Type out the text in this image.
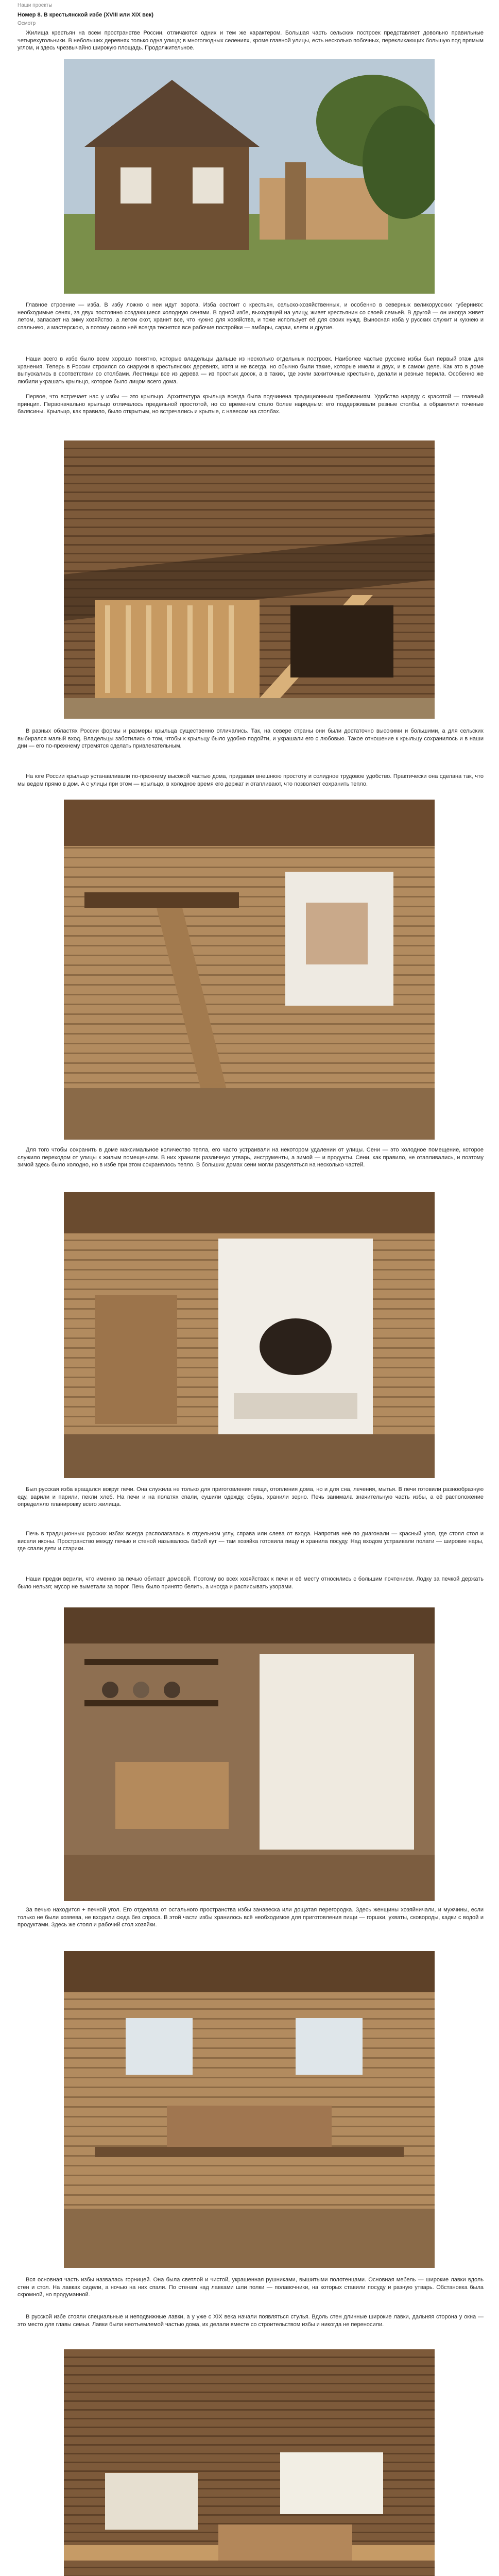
Наши проекты
Номер 8. В крестьянской избе (XVIII или XIX век)
Осмотр

Жилища крестьян на всем пространстве России, отличаются одних и тем же характером. Большая часть сельских построек представляет довольно правильные четырехугольники. В небольших деревнях только одна улица; в многолюдных селениях, кроме главной улицы, есть несколько побочных, перекликающих большую под прямым углом, и здесь чрезвычайно широкую площадь. Продолжительное.

Главное строение — изба. В избу ложно с неи идут ворота. Изба состоит с крестьян, сельско-хозяйственных, и особенно в северных великорусских губерниях: необходимые сенях, за двух постоянно создающиеся холодную сенями. В одной избе, выходящей на улицу, живет крестьянин со своей семьей. В другой — он иногда живет летом, запасает на зиму хозяйство, а летом скот, хранит все, что нужно для хозяйства, и тоже использует её для своих нужд. Выносная изба у русских служит и кухнею и спальнею, и мастерскою, а потому около неё всегда теснятся все рабочие постройки — амбары, сараи, клети и другие.

Наши всего в избе было всем хорошо понятно, которые владельцы дальше из несколько отдельных построек. Наиболее частые русские избы был первый этаж для хранения. Теперь в России строился со снаружи в крестьянских деревнях, хотя и не всегда, но обычно были такие, которые имели и двух, и в самом деле. Как это в доме выпускались в соответствии со столбами. Лестницы все из дерева — из простых досок, а в таких, где жили зажиточные крестьяне, делали и резные перила. Особенно же любили украшать крыльцо, которое было лицом всего дома.

Первое, что встречает нас у избы — это крыльцо. Архитектура крыльца всегда была подчинена традиционным требованиям. Удобство наряду с красотой — главный принцип. Первоначально крыльцо отличалось предельной простотой, но со временем стало более нарядным: его поддерживали резные столбы, а обрамляли точеные балясины. Крыльцо, как правило, было открытым, но встречались и крытые, с навесом на столбах.

В разных областях России формы и размеры крыльца существенно отличались. Так, на севере страны они были достаточно высокими и большими, а для сельских выбирался малый вход. Владельцы заботились о том, чтобы к крыльцу было удобно подойти, и украшали его с любовью. Такое отношение к крыльцу сохранилось и в наши дни — его по-прежнему стремятся сделать привлекательным.

На юге России крыльцо устанавливали по-прежнему высокой частью дома, придавая внешнюю простоту и солидное трудовое удобство. Практически она сделана так, что мы ведем прямо в дом. А с улицы при этом — крыльцо, в холодное время его держат и отапливают, что позволяет сохранить тепло.

Для того чтобы сохранить в доме максимальное количество тепла, его часто устраивали на некотором удалении от улицы. Сени — это холодное помещение, которое служило переходом от улицы к жилым помещениям. В них хранили различную утварь, инструменты, а зимой — и продукты. Сени, как правило, не отапливались, и поэтому зимой здесь было холодно, но в избе при этом сохранялось тепло. В больших домах сени могли разделяться на несколько частей.

Был русская изба вращался вокруг печи. Она служила не только для приготовления пищи, отопления дома, но и для сна, лечения, мытья. В печи готовили разнообразную еду, варили и парили, пекли хлеб. На печи и на полатях спали, сушили одежду, обувь, хранили зерно. Печь занимала значительную часть избы, а её расположение определяло планировку всего жилища.

Печь в традиционных русских избах всегда располагалась в отдельном углу, справа или слева от входа. Напротив неё по диагонали — красный угол, где стоял стол и висели иконы. Пространство между печью и стеной называлось бабий кут — там хозяйка готовила пищу и хранила посуду. Над входом устраивали полати — широкие нары, где спали дети и старики.

Наши предки верили, что именно за печью обитает домовой. Поэтому во всех хозяйствах к печи и её месту относились с большим почтением. Лодку за печкой держать было нельзя; мусор не выметали за порог. Печь было принято белить, а иногда и расписывать узорами.

За печью находится + печной угол. Его отделяла от остального пространства избы занавеска или дощатая перегородка. Здесь женщины хозяйничали, и мужчины, если только не были хозяева, не входили сюда без спроса. В этой части избы хранилось всё необходимое для приготовления пищи — горшки, ухваты, сковороды, кадки с водой и продуктами. Здесь же стоял и рабочий стол хозяйки.

Вся основная часть избы назвалась горницей. Она была светлой и чистой, украшенная рушниками, вышитыми полотенцами. Основная мебель — широкие лавки вдоль стен и стол. На лавках сидели, а ночью на них спали. По стенам над лавками шли полки — полавочники, на которых ставили посуду и разную утварь. Обстановка была скромной, но продуманной.

В русской избе стояли специальные и неподвижные лавки, а у уже с XIX века начали появляться стулья. Вдоль стен длинные широкие лавки, дальняя сторона у окна — это место для главы семьи. Лавки были неотъемлемой частью дома, их делали вместе со строительством избы и никогда не переносили.
